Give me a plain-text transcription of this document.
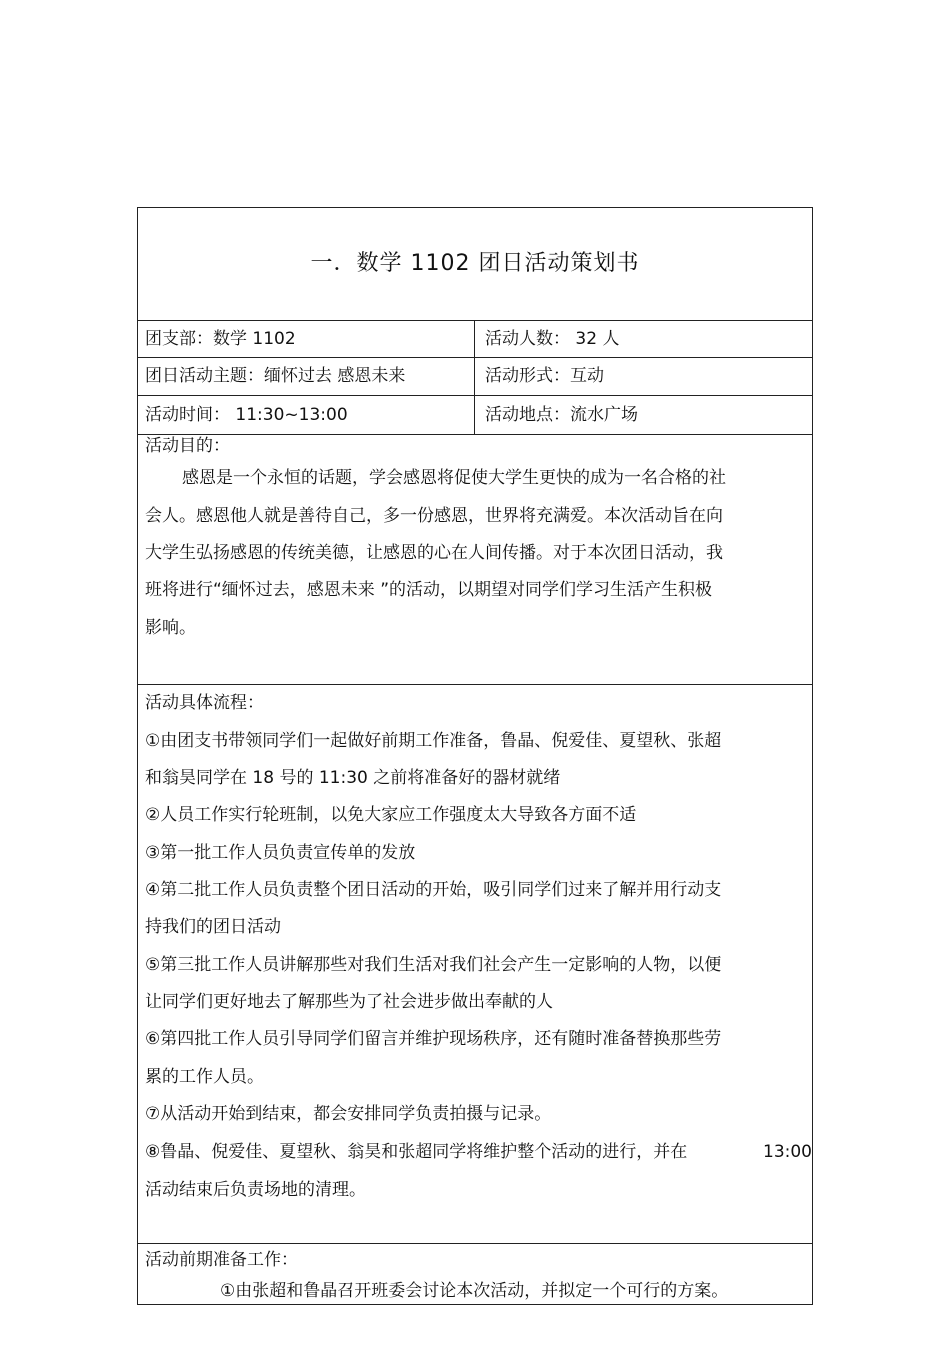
一．数学 1102 团日活动策划书
团支部：数学 1102	活动人数： 32 人
团日活动主题：缅怀过去 感恩未来	活动形式：互动
活动时间： 11:30~13:00	活动地点：流水广场
活动目的：
感恩是一个永恒的话题，学会感恩将促使大学生更快的成为一名合格的社
会人。感恩他人就是善待自己，多一份感恩，世界将充满爱。本次活动旨在向
大学生弘扬感恩的传统美德，让感恩的心在人间传播。对于本次团日活动，我
班将进行“缅怀过去，感恩未来 ”的活动，以期望对同学们学习生活产生积极
影响。
活动具体流程：
①由团支书带领同学们一起做好前期工作准备，鲁晶、倪爱佳、夏望秋、张超
和翁昊同学在 18 号的 11:30 之前将准备好的器材就绪
②人员工作实行轮班制，以免大家应工作强度太大导致各方面不适
③第一批工作人员负责宣传单的发放
④第二批工作人员负责整个团日活动的开始，吸引同学们过来了解并用行动支
持我们的团日活动
⑤第三批工作人员讲解那些对我们生活对我们社会产生一定影响的人物，以便
让同学们更好地去了解那些为了社会进步做出奉献的人
⑥第四批工作人员引导同学们留言并维护现场秩序，还有随时准备替换那些劳
累的工作人员。
⑦从活动开始到结束，都会安排同学负责拍摄与记录。
⑧鲁晶、倪爱佳、夏望秋、翁昊和张超同学将维护整个活动的进行，并在	13:00
活动结束后负责场地的清理。
活动前期准备工作：
①由张超和鲁晶召开班委会讨论本次活动，并拟定一个可行的方案。
